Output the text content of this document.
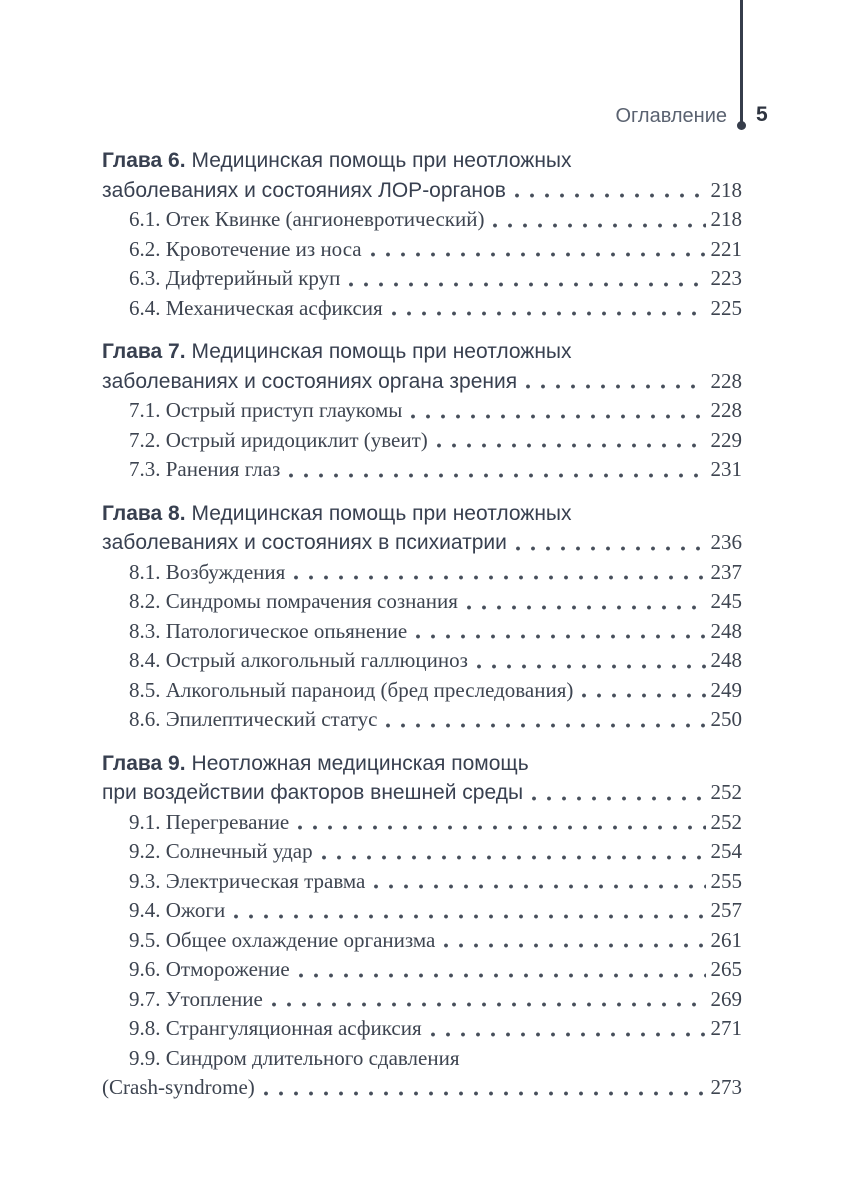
Оглавление 5
Глава 6. Медицинская помощь при неотложных
заболеваниях и состояниях ЛОР-органов	218
6.1. Отек Квинке (ангионевротический)	218
6.2. Кровотечение из носа	221
6.3. Дифтерийный круп	223
6.4. Механическая асфиксия	225
Глава 7. Медицинская помощь при неотложных
заболеваниях и состояниях органа зрения	228
7.1. Острый приступ глаукомы	228
7.2. Острый иридоциклит (увеит)	229
7.3. Ранения глаз	231
Глава 8. Медицинская помощь при неотложных
заболеваниях и состояниях в психиатрии	236
8.1. Возбуждения	237
8.2. Синдромы помрачения сознания	245
8.3. Патологическое опьянение	248
8.4. Острый алкогольный галлюциноз	248
8.5. Алкогольный параноид (бред преследования)	249
8.6. Эпилептический статус	250
Глава 9. Неотложная медицинская помощь
при воздействии факторов внешней среды	252
9.1. Перегревание	252
9.2. Солнечный удар	254
9.3. Электрическая травма	255
9.4. Ожоги	257
9.5. Общее охлаждение организма	261
9.6. Отморожение	265
9.7. Утопление	269
9.8. Странгуляционная асфиксия	271
9.9. Синдром длительного сдавления
(Crash-syndrome)	273
